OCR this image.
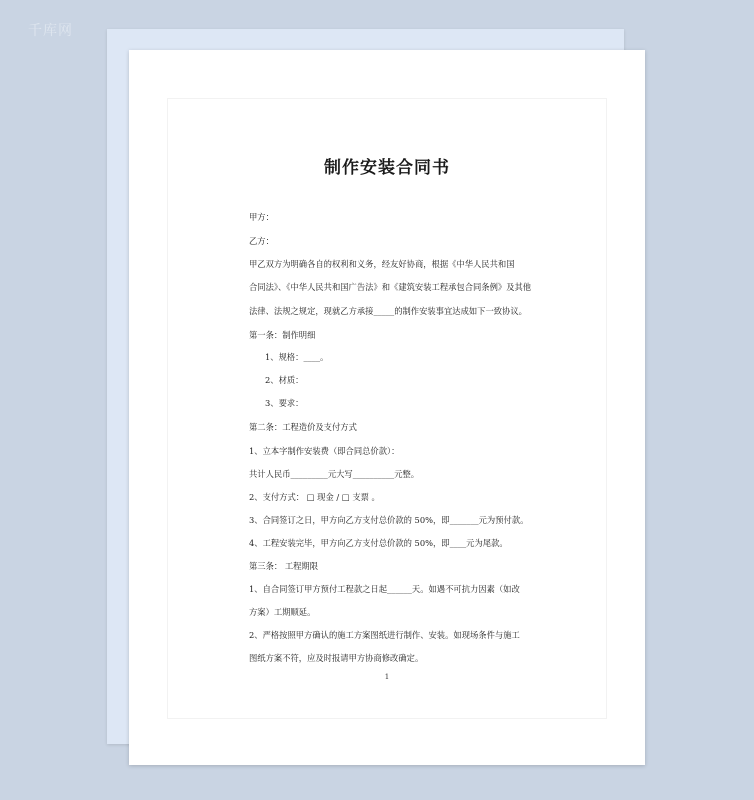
千库网
制作安装合同书
甲方：
乙方：
甲乙双方为明确各自的权利和义务，经友好协商，根据《中华人民共和国
合同法》、《中华人民共和国广告法》和《建筑安装工程承包合同条例》及其他
法律、法规之规定，现就乙方承接_____的制作安装事宜达成如下一致协议。
第一条：制作明细
1、规格：____。
2、材质：
3、要求：
第二条：工程造价及支付方式
1、立本字制作安装费（即合同总价款）：
共计人民币_________元大写__________元整。
2、支付方式： □ 现金 / □ 支票 。
3、合同签订之日，甲方向乙方支付总价款的 50%，即_______元为预付款。
4、工程安装完毕，甲方向乙方支付总价款的 50%，即____元为尾款。
第三条： 工程期限
1、自合同签订甲方预付工程款之日起______天。如遇不可抗力因素（如改
方案）工期顺延。
2、严格按照甲方确认的施工方案图纸进行制作、安装。如现场条件与施工
图纸方案不符，应及时报请甲方协商修改确定。
1
